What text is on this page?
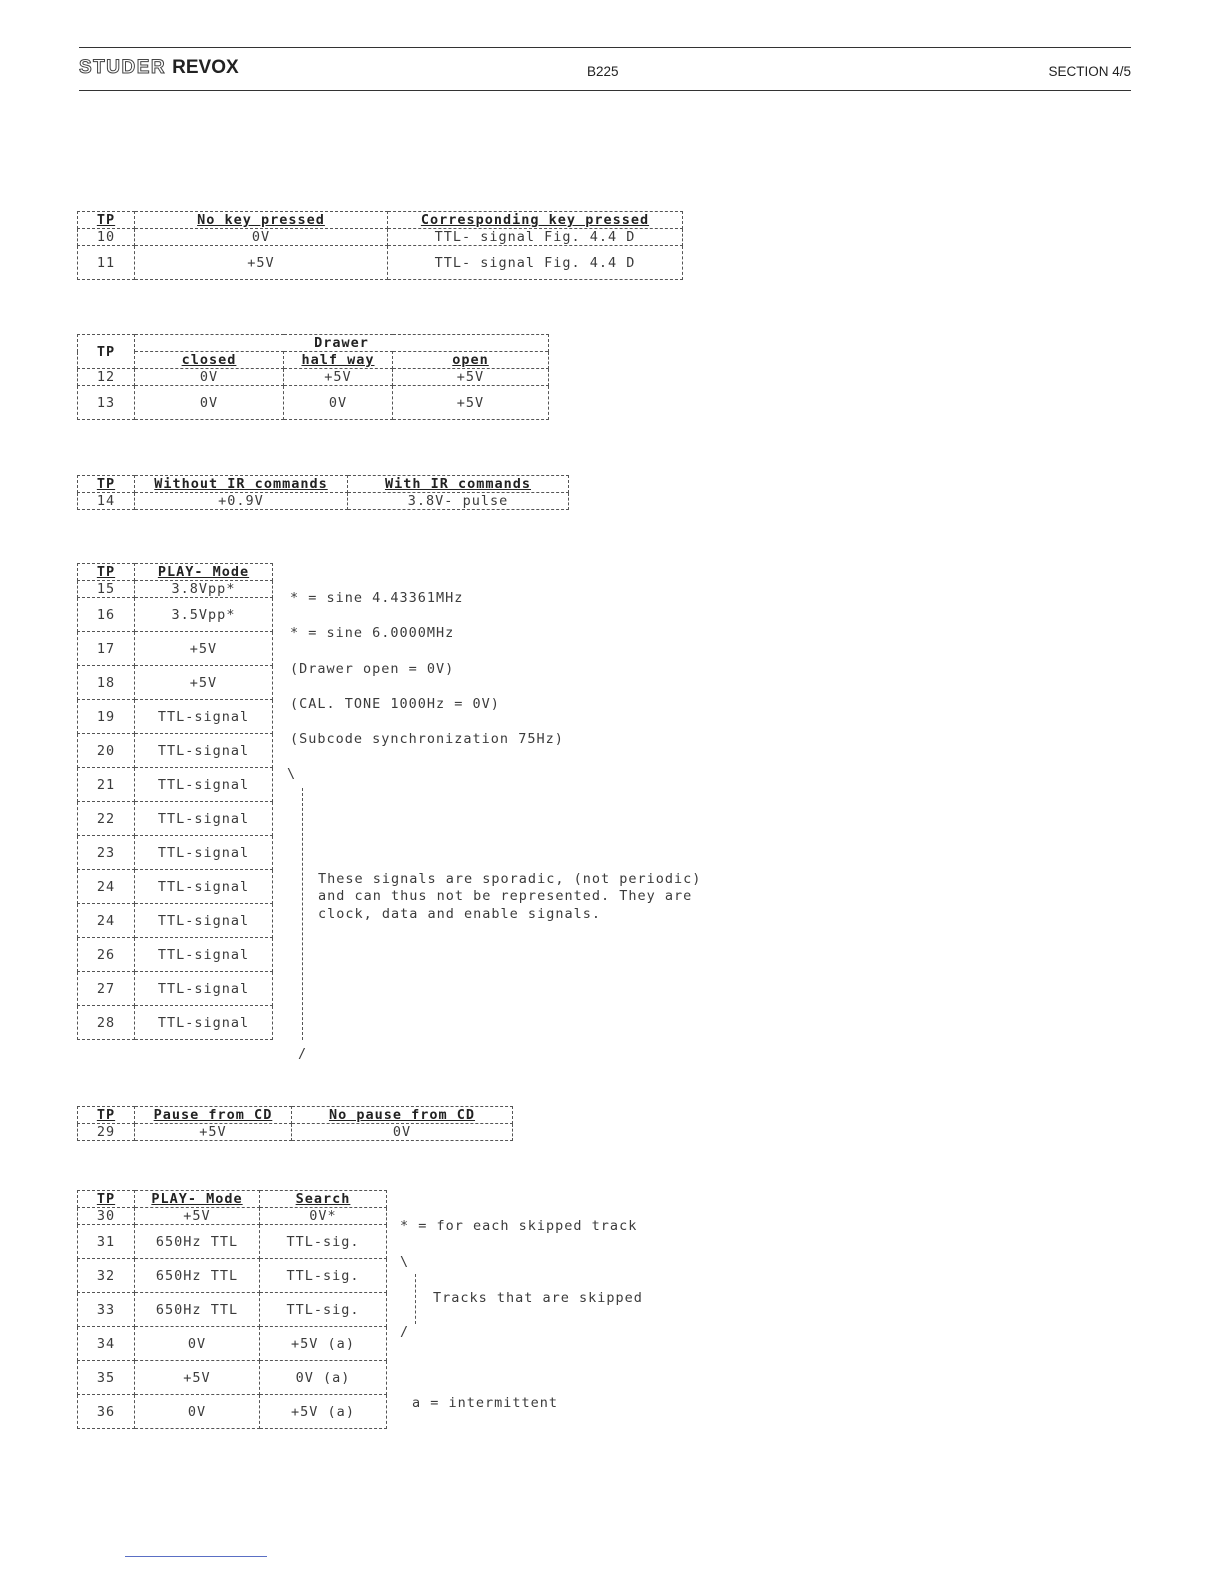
STUDER REVOX	B225	SECTION 4/5
TP	No key pressed	Corresponding key pressed
10	0V	TTL- signal Fig. 4.4 D
11	+5V	TTL- signal Fig. 4.4 D
TP	Drawer		
	closed	half way	open
12	0V	+5V	+5V
13	0V	0V	+5V
TP	Without IR commands	With IR commands
14	+0.9V	3.8V- pulse
TP	PLAY- Mode
15	3.8Vpp*
16	3.5Vpp*
17	+5V
18	+5V
19	TTL-signal
20	TTL-signal
21	TTL-signal
22	TTL-signal
23	TTL-signal
24	TTL-signal
24	TTL-signal
26	TTL-signal
27	TTL-signal
28	TTL-signal
* = sine 4.43361MHz
* = sine 6.0000MHz
(Drawer open = 0V)
(CAL. TONE 1000Hz = 0V)
(Subcode synchronization 75Hz)
\
/
These signals are sporadic, (not periodic)
and can thus not be represented. They are
clock, data and enable signals.
TP	Pause from CD	No pause from CD
29	+5V	0V
TP	PLAY- Mode	Search
30	+5V	0V*
31	650Hz TTL	TTL-sig.
32	650Hz TTL	TTL-sig.
33	650Hz TTL	TTL-sig.
34	0V	+5V (a)
35	+5V	0V (a)
36	0V	+5V (a)
* = for each skipped track
\
/
Tracks that are skipped
a = intermittent
